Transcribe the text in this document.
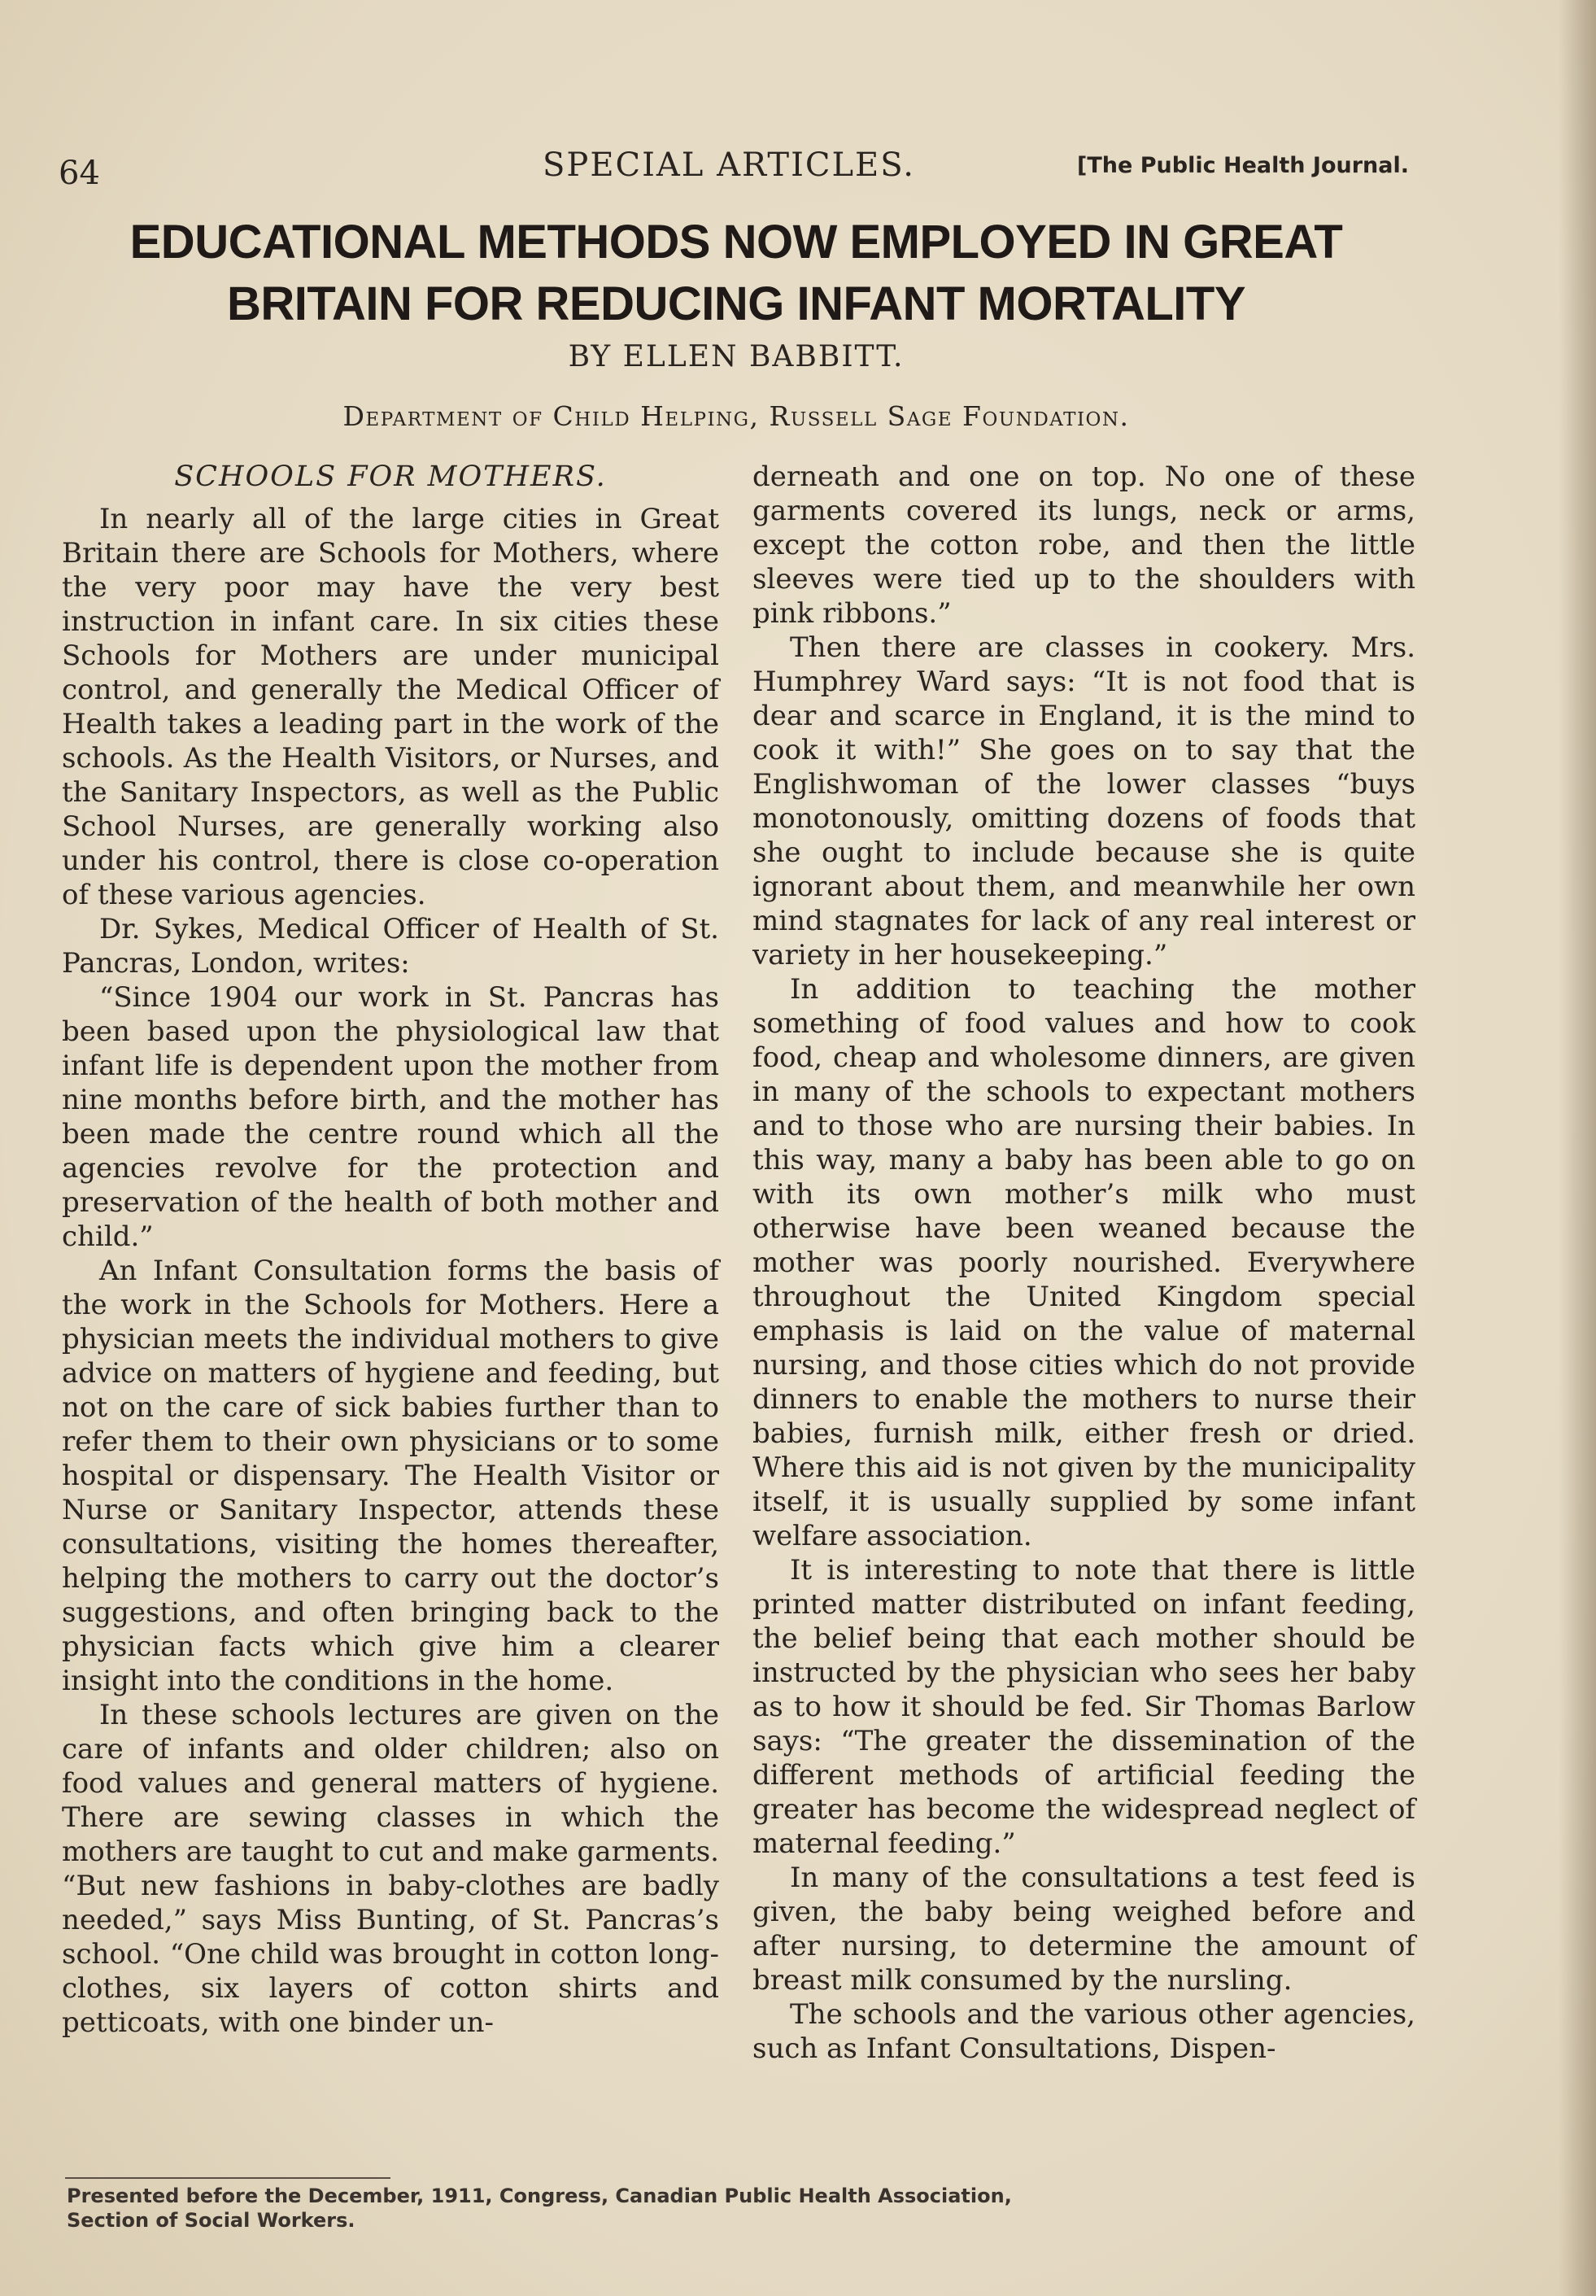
64	SPECIAL ARTICLES.	[The Public Health Journal.
EDUCATIONAL METHODS NOW EMPLOYED IN GREAT BRITAIN FOR REDUCING INFANT MORTALITY
BY ELLEN BABBITT.
Department of Child Helping, Russell Sage Foundation.
SCHOOLS FOR MOTHERS.

In nearly all of the large cities in Great Britain there are Schools for Mothers, where the very poor may have the very best instruction in infant care. In six cities these Schools for Mothers are under municipal control, and generally the Medical Officer of Health takes a leading part in the work of the schools. As the Health Visitors, or Nurses, and the Sanitary Inspectors, as well as the Public School Nurses, are generally working also under his control, there is close co-operation of these various agencies.

Dr. Sykes, Medical Officer of Health of St. Pancras, London, writes:

“Since 1904 our work in St. Pancras has been based upon the physiological law that infant life is dependent upon the mother from nine months before birth, and the mother has been made the centre round which all the agencies revolve for the protection and preservation of the health of both mother and child.”

An Infant Consultation forms the basis of the work in the Schools for Mothers. Here a physician meets the individual mothers to give advice on matters of hygiene and feeding, but not on the care of sick babies further than to refer them to their own physicians or to some hospital or dispensary. The Health Visitor or Nurse or Sanitary Inspector, attends these consultations, visiting the homes thereafter, helping the mothers to carry out the doctor’s suggestions, and often bringing back to the physician facts which give him a clearer insight into the conditions in the home.

In these schools lectures are given on the care of infants and older children; also on food values and general matters of hygiene. There are sewing classes in which the mothers are taught to cut and make garments. “But new fashions in baby-clothes are badly needed,” says Miss Bunting, of St. Pancras’s school. “One child was brought in cotton long-clothes, six layers of cotton shirts and petticoats, with one binder un-

derneath and one on top. No one of these garments covered its lungs, neck or arms, except the cotton robe, and then the little sleeves were tied up to the shoulders with pink ribbons.”

Then there are classes in cookery. Mrs. Humphrey Ward says: “It is not food that is dear and scarce in England, it is the mind to cook it with!” She goes on to say that the Englishwoman of the lower classes “buys monotonously, omitting dozens of foods that she ought to include because she is quite ignorant about them, and meanwhile her own mind stagnates for lack of any real interest or variety in her housekeeping.”

In addition to teaching the mother something of food values and how to cook food, cheap and wholesome dinners, are given in many of the schools to expectant mothers and to those who are nursing their babies. In this way, many a baby has been able to go on with its own mother’s milk who must otherwise have been weaned because the mother was poorly nourished. Everywhere throughout the United Kingdom special emphasis is laid on the value of maternal nursing, and those cities which do not provide dinners to enable the mothers to nurse their babies, furnish milk, either fresh or dried. Where this aid is not given by the municipality itself, it is usually supplied by some infant welfare association.

It is interesting to note that there is little printed matter distributed on infant feeding, the belief being that each mother should be instructed by the physician who sees her baby as to how it should be fed. Sir Thomas Barlow says: “The greater the dissemination of the different methods of artificial feeding the greater has become the widespread neglect of maternal feeding.”

In many of the consultations a test feed is given, the baby being weighed before and after nursing, to determine the amount of breast milk consumed by the nursling.

The schools and the various other agencies, such as Infant Consultations, Dispen-

Presented before the December, 1911, Congress, Canadian Public Health Association, Section of Social Workers.
